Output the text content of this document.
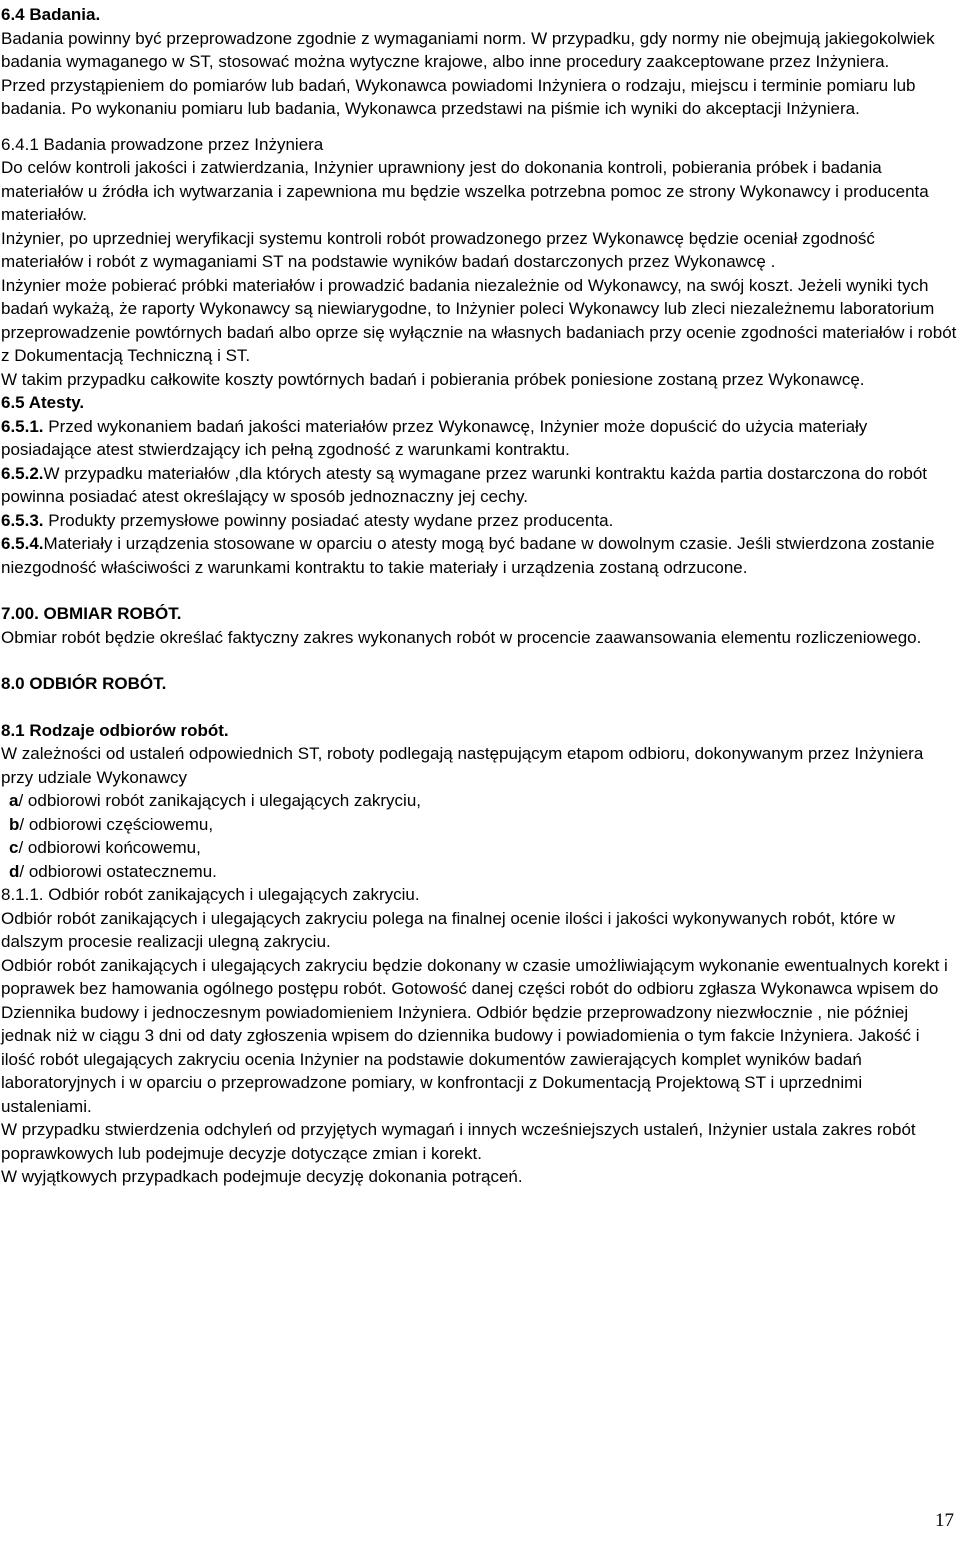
6.4 Badania.

Badania powinny być przeprowadzone zgodnie z wymaganiami norm. W przypadku, gdy normy nie obejmują jakiegokolwiek badania wymaganego w ST, stosować można wytyczne krajowe, albo inne procedury zaakceptowane przez Inżyniera.

Przed przystąpieniem do pomiarów lub badań, Wykonawca powiadomi Inżyniera o rodzaju, miejscu i terminie pomiaru lub badania. Po wykonaniu pomiaru lub badania, Wykonawca przedstawi na piśmie ich wyniki do akceptacji Inżyniera.

6.4.1 Badania prowadzone przez Inżyniera

Do celów kontroli jakości i zatwierdzania, Inżynier uprawniony jest do dokonania kontroli, pobierania próbek i badania materiałów u źródła ich wytwarzania i zapewniona mu będzie wszelka potrzebna pomoc ze strony Wykonawcy i producenta materiałów.

Inżynier, po uprzedniej weryfikacji systemu kontroli robót prowadzonego przez Wykonawcę będzie oceniał zgodność materiałów i robót z wymaganiami ST na podstawie wyników badań dostarczonych przez Wykonawcę .

Inżynier może pobierać próbki materiałów i prowadzić badania niezależnie od Wykonawcy, na swój koszt. Jeżeli wyniki tych badań wykażą, że raporty Wykonawcy są niewiarygodne, to Inżynier poleci Wykonawcy lub zleci niezależnemu laboratorium przeprowadzenie powtórnych badań albo oprze się wyłącznie na własnych badaniach przy ocenie zgodności materiałów i robót z Dokumentacją Techniczną i ST.

W takim przypadku całkowite koszty powtórnych badań i pobierania próbek poniesione zostaną przez Wykonawcę.

6.5 Atesty.

6.5.1. Przed wykonaniem badań jakości materiałów przez Wykonawcę, Inżynier może dopuścić do użycia materiały posiadające atest stwierdzający ich pełną zgodność z warunkami kontraktu.

6.5.2.W przypadku materiałów ,dla których atesty są wymagane przez warunki kontraktu każda partia dostarczona do robót powinna posiadać atest określający w sposób jednoznaczny jej cechy.

6.5.3. Produkty przemysłowe powinny posiadać atesty wydane przez producenta.

6.5.4.Materiały i urządzenia stosowane w oparciu o atesty mogą być badane w dowolnym czasie. Jeśli stwierdzona zostanie niezgodność właściwości z warunkami kontraktu to takie materiały i urządzenia zostaną odrzucone.

7.00. OBMIAR ROBÓT.

Obmiar robót będzie określać faktyczny zakres wykonanych robót w procencie zaawansowania elementu rozliczeniowego.

8.0 ODBIÓR ROBÓT.

8.1 Rodzaje odbiorów robót.

W zależności od ustaleń odpowiednich ST, roboty podlegają następującym etapom odbioru, dokonywanym przez Inżyniera przy udziale Wykonawcy

a/ odbiorowi robót zanikających i ulegających zakryciu,

b/ odbiorowi częściowemu,

c/ odbiorowi końcowemu,

d/ odbiorowi ostatecznemu.

8.1.1. Odbiór robót zanikających i ulegających zakryciu.

Odbiór robót zanikających i ulegających zakryciu polega na finalnej ocenie ilości i jakości wykonywanych robót, które w dalszym procesie realizacji ulegną zakryciu.

Odbiór robót zanikających i ulegających zakryciu będzie dokonany w czasie umożliwiającym wykonanie ewentualnych korekt i poprawek bez hamowania ogólnego postępu robót. Gotowość danej części robót do odbioru zgłasza Wykonawca wpisem do Dziennika budowy i jednoczesnym powiadomieniem Inżyniera. Odbiór będzie przeprowadzony niezwłocznie , nie później jednak niż w ciągu 3 dni od daty zgłoszenia wpisem do dziennika budowy i powiadomienia o tym fakcie Inżyniera. Jakość i ilość robót ulegających zakryciu ocenia Inżynier na podstawie dokumentów zawierających komplet wyników badań laboratoryjnych i w oparciu o przeprowadzone pomiary, w konfrontacji z Dokumentacją Projektową ST i uprzednimi ustaleniami.

W przypadku stwierdzenia odchyleń od przyjętych wymagań i innych wcześniejszych ustaleń, Inżynier ustala zakres robót poprawkowych lub podejmuje decyzje dotyczące zmian i korekt.

W wyjątkowych przypadkach podejmuje decyzję dokonania potrąceń.

17
